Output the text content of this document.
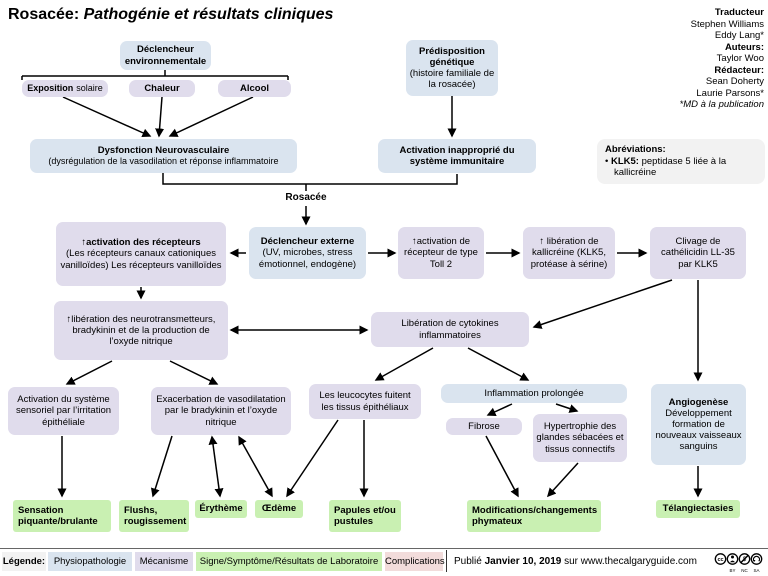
Rosacée: Pathogénie et résultats cliniques	Traducteur
Stephen Williams
Eddy Lang*
Auteurs:
Taylor Woo
Rédacteur:
Sean Doherty
Laurie Parsons*
*MD à la publication
Abréviations:
• KLK5: peptidase 5 liée à la kallicréine
Déclencheur environnementale
Exposition solaire	Chaleur	Alcool
Prédisposition génétique
(histoire familiale de la rosacée)
Dysfonction Neurovasculaire
(dysrégulation de la vasodilation et réponse inflammatoire
Activation inapproprié du système immunitaire
Rosacée
Déclencheur externe
(UV, microbes, stress émotionnel, endogène)
↑activation des récepteurs
(Les récepteurs canaux cationiques vanilloïdes) Les récepteurs vanilloïdes
↑activation de récepteur de type Toll 2
↑ libération de kallicréine (KLK5, protéase à sérine)
Clivage de cathélicidin LL-35 par KLK5
↑libération des neurotransmetteurs, bradykinin et de la production de l’oxyde nitrique
Libération de cytokines inflammatoires
Activation du système sensoriel par l’irritation épithéliale
Exacerbation de vasodilatation par le bradykinin et l’oxyde nitrique
Les leucocytes fuitent les tissus épithéliaux
Inflammation prolongée
Fibrose	Hypertrophie des glandes sébacées et tissus connectifs
Angiogenèse
Développement formation de nouveaux vaisseaux sanguins
Sensation piquante/brulante
Flushs, rougissement
Érythème	Œdème	Papules et/ou pustules
Modifications/changements phymateux
Télangiectasies
Légende: Physiopathologie	Mécanisme	Signe/Symptôme/Résultats de Laboratoire Complications Publié Janvier 10, 2019 sur www.thecalgaryguide.com	cc
BY
$
NC SA
